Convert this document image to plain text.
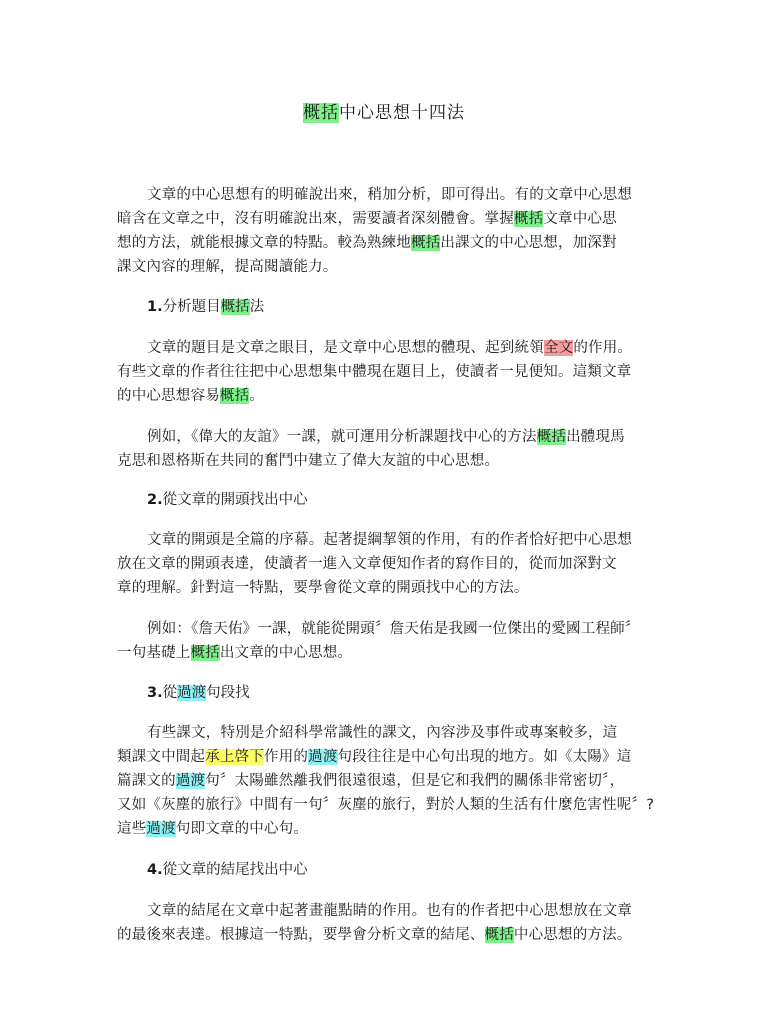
概括中心思想十四法

文章的中心思想有的明確說出來，稍加分析，即可得出。有的文章中心思想
暗含在文章之中，沒有明確說出來，需要讀者深刻體會。掌握概括文章中心思
想的方法，就能根據文章的特點。較為熟練地概括出課文的中心思想，加深對
課文內容的理解，提高閱讀能力。

1.分析題目概括法

文章的題目是文章之眼目，是文章中心思想的體現、起到統領全文的作用。
有些文章的作者往往把中心思想集中體現在題目上，使讀者一見便知。這類文章
的中心思想容易概括。

例如，《偉大的友誼》一課，就可運用分析課題找中心的方法概括出體現馬
克思和恩格斯在共同的奮鬥中建立了偉大友誼的中心思想。

2.從文章的開頭找出中心

文章的開頭是全篇的序幕。起著提綱挈領的作用，有的作者恰好把中心思想
放在文章的開頭表達，使讀者一進入文章便知作者的寫作目的，從而加深對文
章的理解。針對這一特點，要學會從文章的開頭找中心的方法。

例如：《詹天佑》一課，就能從開頭〞詹天佑是我國一位傑出的愛國工程師〞
一句基礎上概括出文章的中心思想。

3.從過渡句段找

有些課文，特別是介紹科學常識性的課文，內容涉及事件或專案較多，這
類課文中間起承上啓下作用的過渡句段往往是中心句出現的地方。如《太陽》這
篇課文的過渡句〞太陽雖然離我們很遠很遠，但是它和我們的關係非常密切〞，
又如《灰塵的旅行》中間有一句〞灰塵的旅行，對於人類的生活有什麼危害性呢〞?
這些過渡句即文章的中心句。

4.從文章的結尾找出中心

文章的結尾在文章中起著畫龍點睛的作用。也有的作者把中心思想放在文章
的最後來表達。根據這一特點，要學會分析文章的結尾、概括中心思想的方法。
